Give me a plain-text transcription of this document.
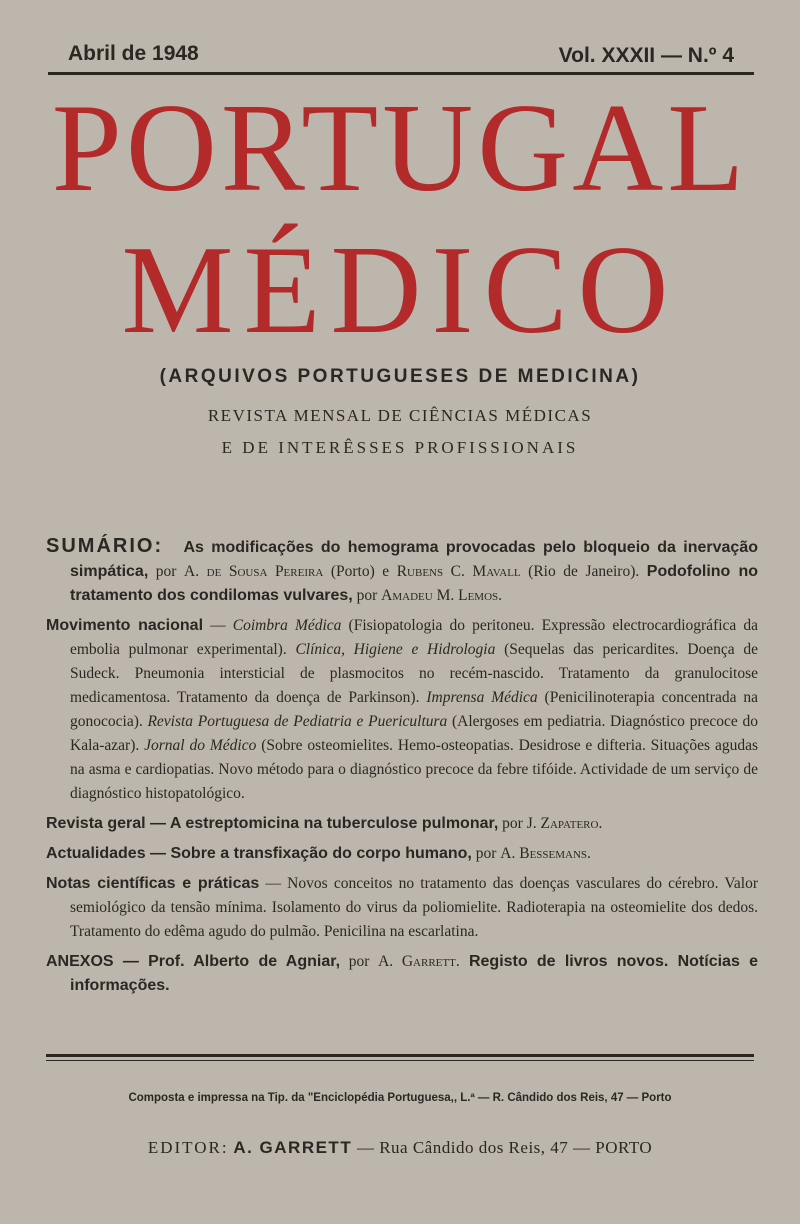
Abril de 1948	Vol. XXXII — N.º 4
PORTUGAL
MÉDICO
(ARQUIVOS PORTUGUESES DE MEDICINA)
REVISTA MENSAL DE CIÊNCIAS MÉDICAS
E DE INTERÊSSES PROFISSIONAIS

SUMÁRIO: As modificações do hemograma provocadas pelo bloqueio da inervação simpática, por A. de Sousa Pereira (Porto) e Rubens C. Mavall (Rio de Janeiro). Podofolino no tratamento dos condilomas vulvares, por Amadeu M. Lemos.

Movimento nacional — Coimbra Médica (Fisiopatologia do peritoneu. Expressão electrocardiográfica da embolia pulmonar experimental). Clínica, Higiene e Hidrologia (Sequelas das pericardites. Doença de Sudeck. Pneumonia intersticial de plasmocitos no recém-nascido. Tratamento da granulocitose medicamentosa. Tratamento da doença de Parkinson). Imprensa Médica (Penicilinoterapia concentrada na gonococia). Revista Portuguesa de Pediatria e Puericultura (Alergoses em pediatria. Diagnóstico precoce do Kala-azar). Jornal do Médico (Sobre osteomielites. Hemo-osteopatias. Desidrose e difteria. Situações agudas na asma e cardiopatias. Novo método para o diagnóstico precoce da febre tifóide. Actividade de um serviço de diagnóstico histopatológico.

Revista geral — A estreptomicina na tuberculose pulmonar, por J. Zapatero.

Actualidades — Sobre a transfixação do corpo humano, por A. Bessemans.

Notas científicas e práticas — Novos conceitos no tratamento das doenças vasculares do cérebro. Valor semiológico da tensão mínima. Isolamento do virus da poliomielite. Radioterapia na osteomielite dos dedos. Tratamento do edêma agudo do pulmão. Penicilina na escarlatina.

ANEXOS — Prof. Alberto de Agniar, por A. Garrett. Registo de livros novos. Notícias e informações.

Composta e impressa na Tip. da "Enciclopédia Portuguesa,, L.ª — R. Cândido dos Reis, 47 — Porto
EDITOR: A. GARRETT — Rua Cândido dos Reis, 47 — PORTO
